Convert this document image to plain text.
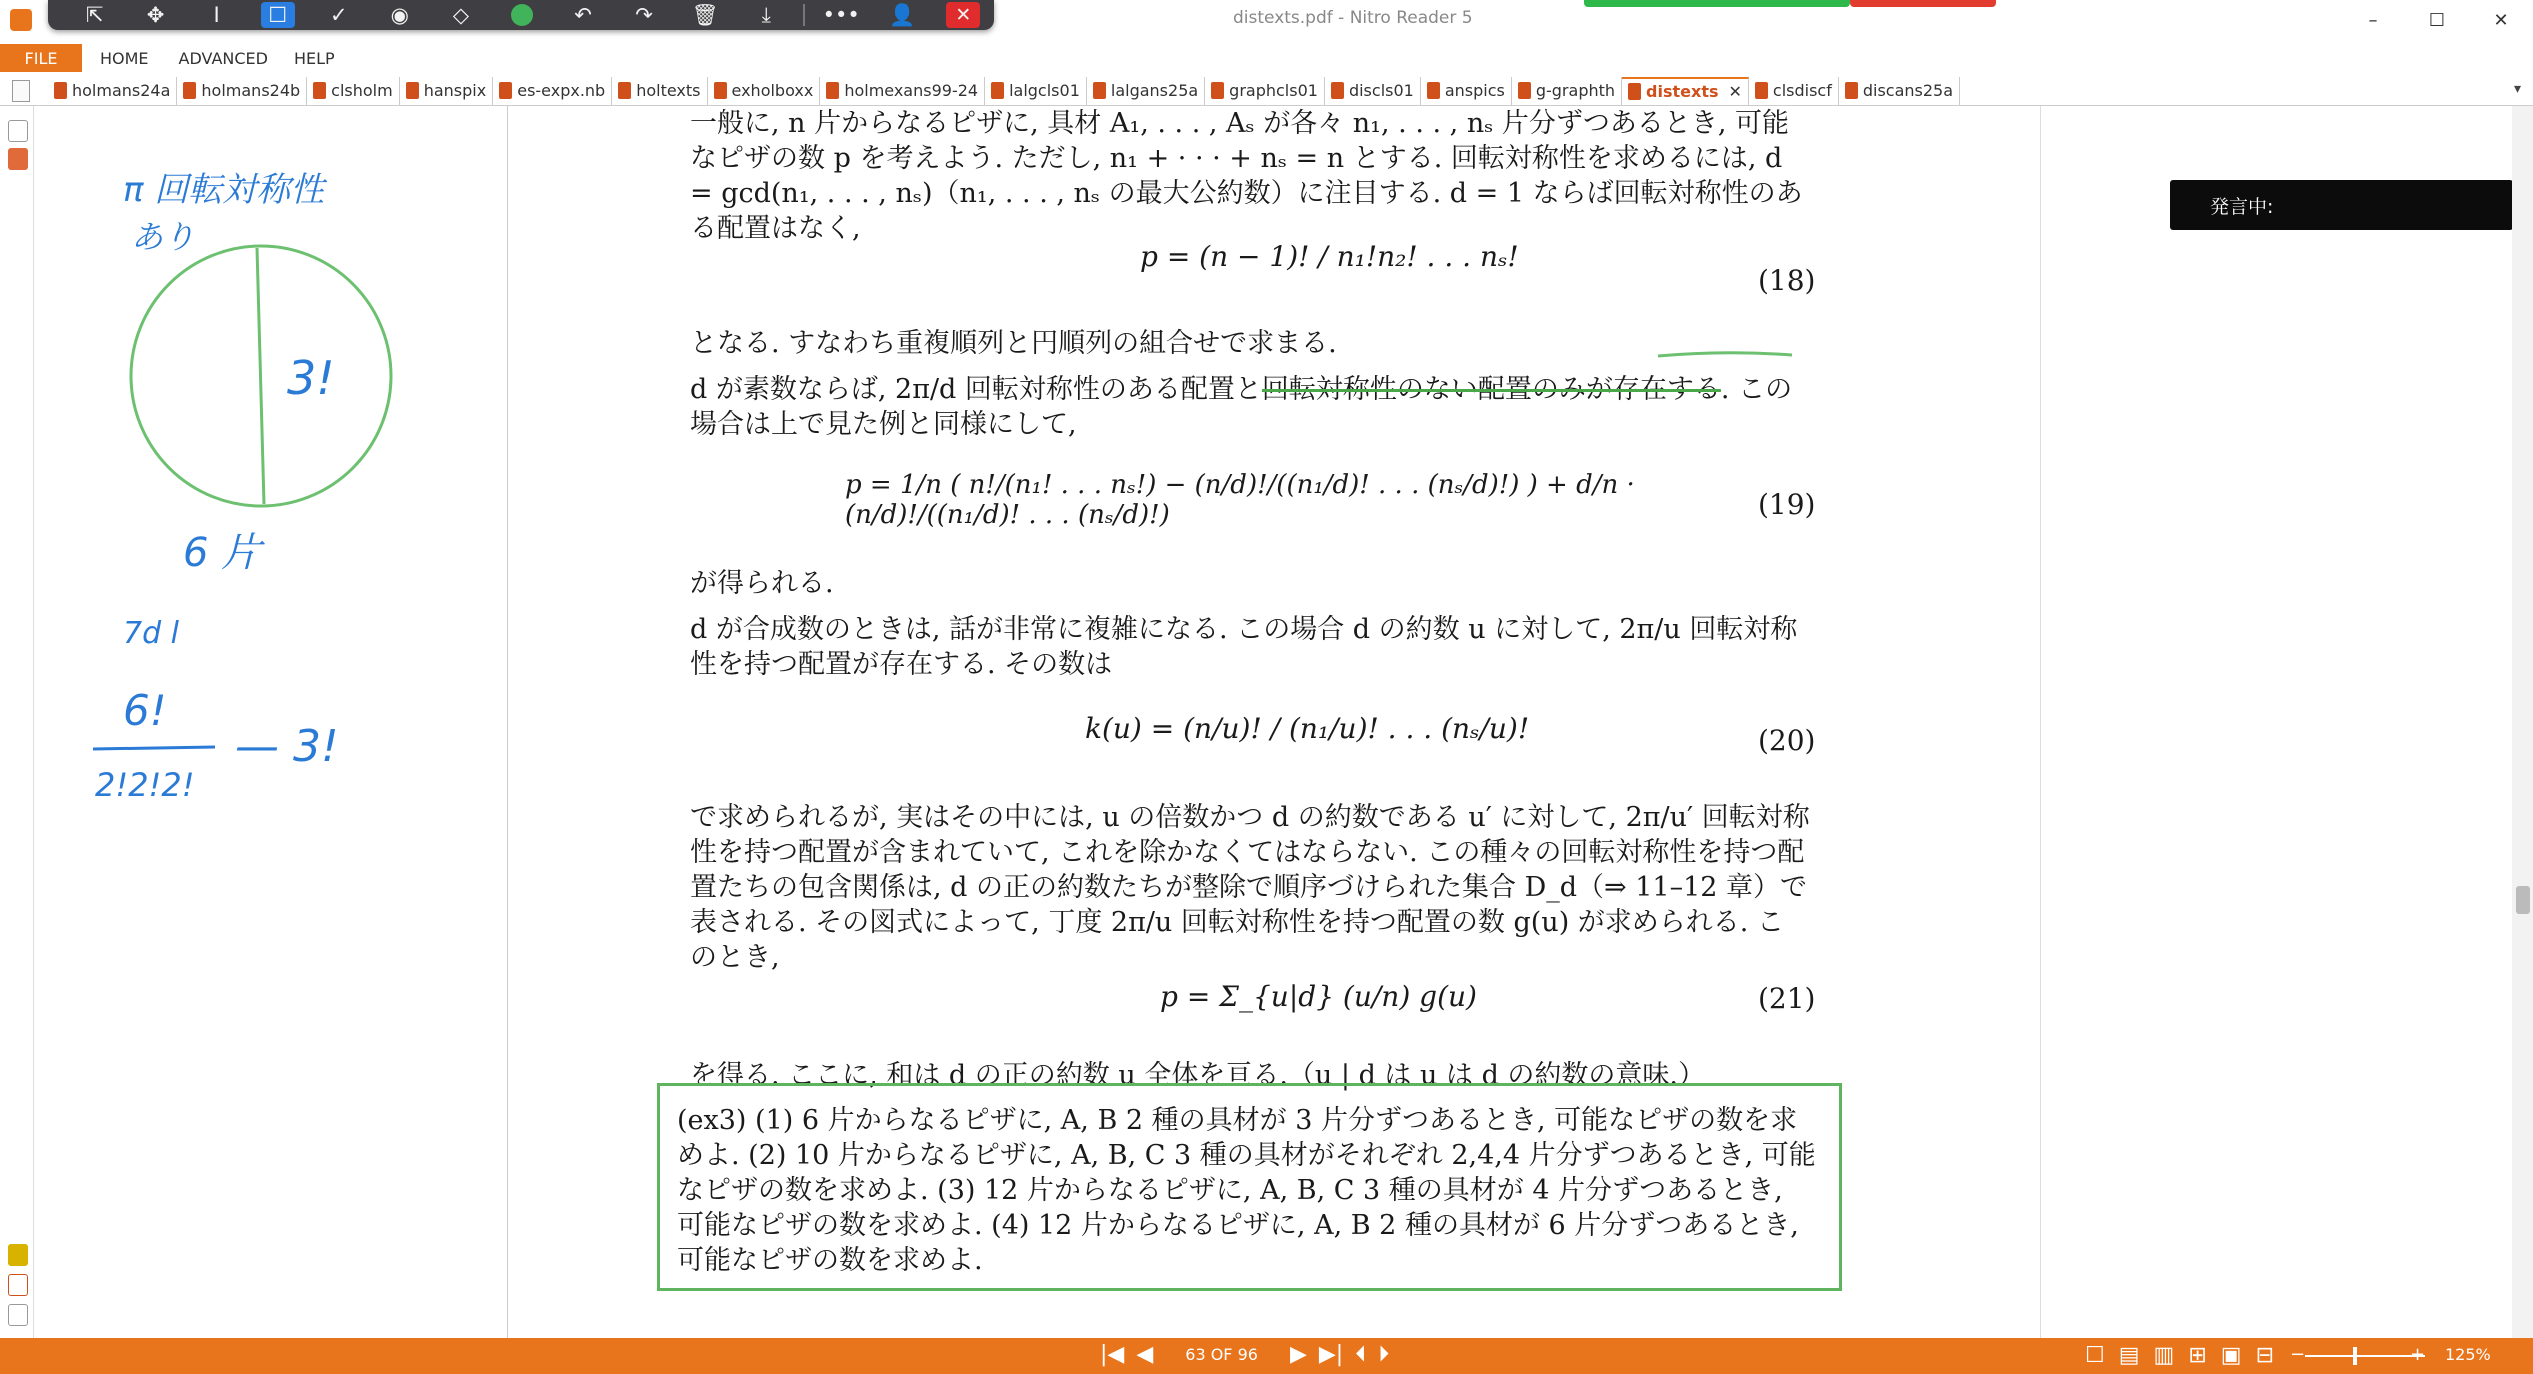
distexts.pdf - Nitro Reader 5	–	☐	✕
⇱	✥	I	☐	✓	◉	◇	↶	↷	🗑	⤓	•••	👤	✕
FILE	HOME ADVANCED HELP
holmans24a holmans24b clsholm hanspix es-expx.nb holtexts exholboxx holmexans99-24 lalgcls01 lalgans25a graphcls01 discls01 anspics g-graphth distexts ✕ clsdiscf discans25a	▾
π 回転対称性
あり
3!
6 片
7d l
6!
2!2!2!
— 3!
一般に, n 片からなるピザに, 具材 A₁, . . . , Aₛ が各々 n₁, . . . , nₛ 片分ずつあるとき, 可能なピザの数 p を考えよう. ただし, n₁ + · · · + nₛ = n とする. 回転対称性を求めるには, d = gcd(n₁, . . . , nₛ)（n₁, . . . , nₛ の最大公約数）に注目する. d = 1 ならば回転対称性のある配置はなく,
p = (n − 1)! / n₁!n₂! . . . nₛ!
(18)
となる. すなわち重複順列と円順列の組合せで求まる.
d が素数ならば, 2π/d 回転対称性のある配置と回転対称性のない配置のみが存在する. この場合は上で見た例と同様にして,
p = 1/n ( n!/(n₁! . . . nₛ!) − (n/d)!/((n₁/d)! . . . (nₛ/d)!) ) + d/n · (n/d)!/((n₁/d)! . . . (nₛ/d)!)	(19)
が得られる.
d が合成数のときは, 話が非常に複雑になる. この場合 d の約数 u に対して, 2π/u 回転対称性を持つ配置が存在する. その数は
k(u) = (n/u)! / (n₁/u)! . . . (nₛ/u)!	(20)
で求められるが, 実はその中には, u の倍数かつ d の約数である u′ に対して, 2π/u′ 回転対称性を持つ配置が含まれていて, これを除かなくてはならない. この種々の回転対称性を持つ配置たちの包含関係は, d の正の約数たちが整除で順序づけられた集合 D_d（⇒ 11–12 章）で表される. その図式によって, 丁度 2π/u 回転対称性を持つ配置の数 g(u) が求められる. このとき,
p = Σ_{u|d} (u/n) g(u)	(21)
を得る. ここに, 和は d の正の約数 u 全体を亘る.（u | d は u は d の約数の意味.）
(ex3) (1) 6 片からなるピザに, A, B 2 種の具材が 3 片分ずつあるとき, 可能なピザの数を求めよ. (2) 10 片からなるピザに, A, B, C 3 種の具材がそれぞれ 2,4,4 片分ずつあるとき, 可能なピザの数を求めよ. (3) 12 片からなるピザに, A, B, C 3 種の具材が 4 片分ずつあるとき, 可能なピザの数を求めよ. (4) 12 片からなるピザに, A, B 2 種の具材が 6 片分ずつあるとき, 可能なピザの数を求めよ.
発言中:
|◀ ◀ 63 OF 96 ▶ ▶| ⏴ ⏵	☐ ▤ ▥ ⊞ ▣ ⊟ −	+ 125%
